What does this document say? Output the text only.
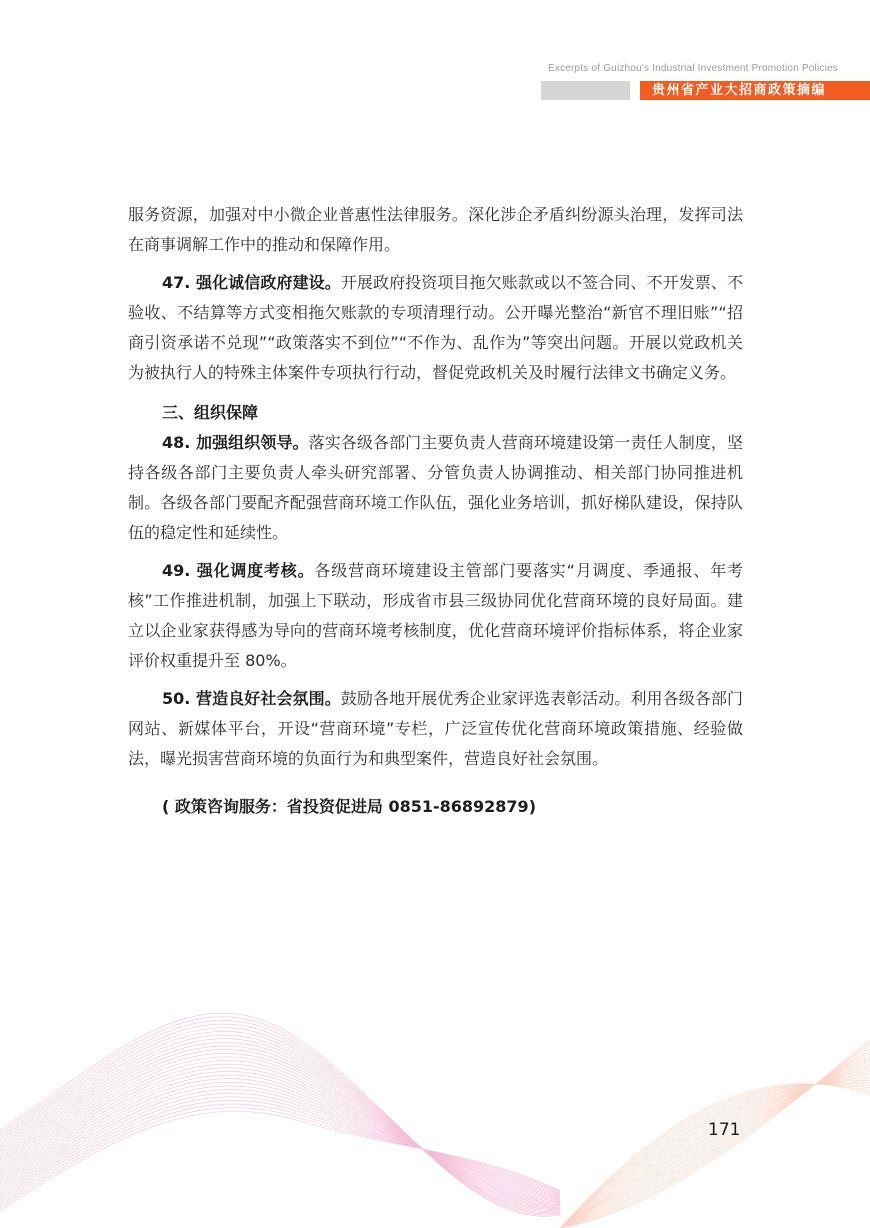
Excerpts of Guizhou's Industrial Investment Promotion Policies
贵州省产业大招商政策摘编

服务资源，加强对中小微企业普惠性法律服务。深化涉企矛盾纠纷源头治理，发挥司法在商事调解工作中的推动和保障作用。

47. 强化诚信政府建设。开展政府投资项目拖欠账款或以不签合同、不开发票、不验收、不结算等方式变相拖欠账款的专项清理行动。公开曝光整治“新官不理旧账”“招商引资承诺不兑现”“政策落实不到位”“不作为、乱作为”等突出问题。开展以党政机关为被执行人的特殊主体案件专项执行行动，督促党政机关及时履行法律文书确定义务。

三、组织保障

48. 加强组织领导。落实各级各部门主要负责人营商环境建设第一责任人制度，坚持各级各部门主要负责人牵头研究部署、分管负责人协调推动、相关部门协同推进机制。各级各部门要配齐配强营商环境工作队伍，强化业务培训，抓好梯队建设，保持队伍的稳定性和延续性。

49. 强化调度考核。各级营商环境建设主管部门要落实“月调度、季通报、年考核”工作推进机制，加强上下联动，形成省市县三级协同优化营商环境的良好局面。建立以企业家获得感为导向的营商环境考核制度，优化营商环境评价指标体系，将企业家评价权重提升至 80%。

50. 营造良好社会氛围。鼓励各地开展优秀企业家评选表彰活动。利用各级各部门网站、新媒体平台，开设“营商环境”专栏，广泛宣传优化营商环境政策措施、经验做法，曝光损害营商环境的负面行为和典型案件，营造良好社会氛围。

( 政策咨询服务：省投资促进局 0851-86892879)

171
